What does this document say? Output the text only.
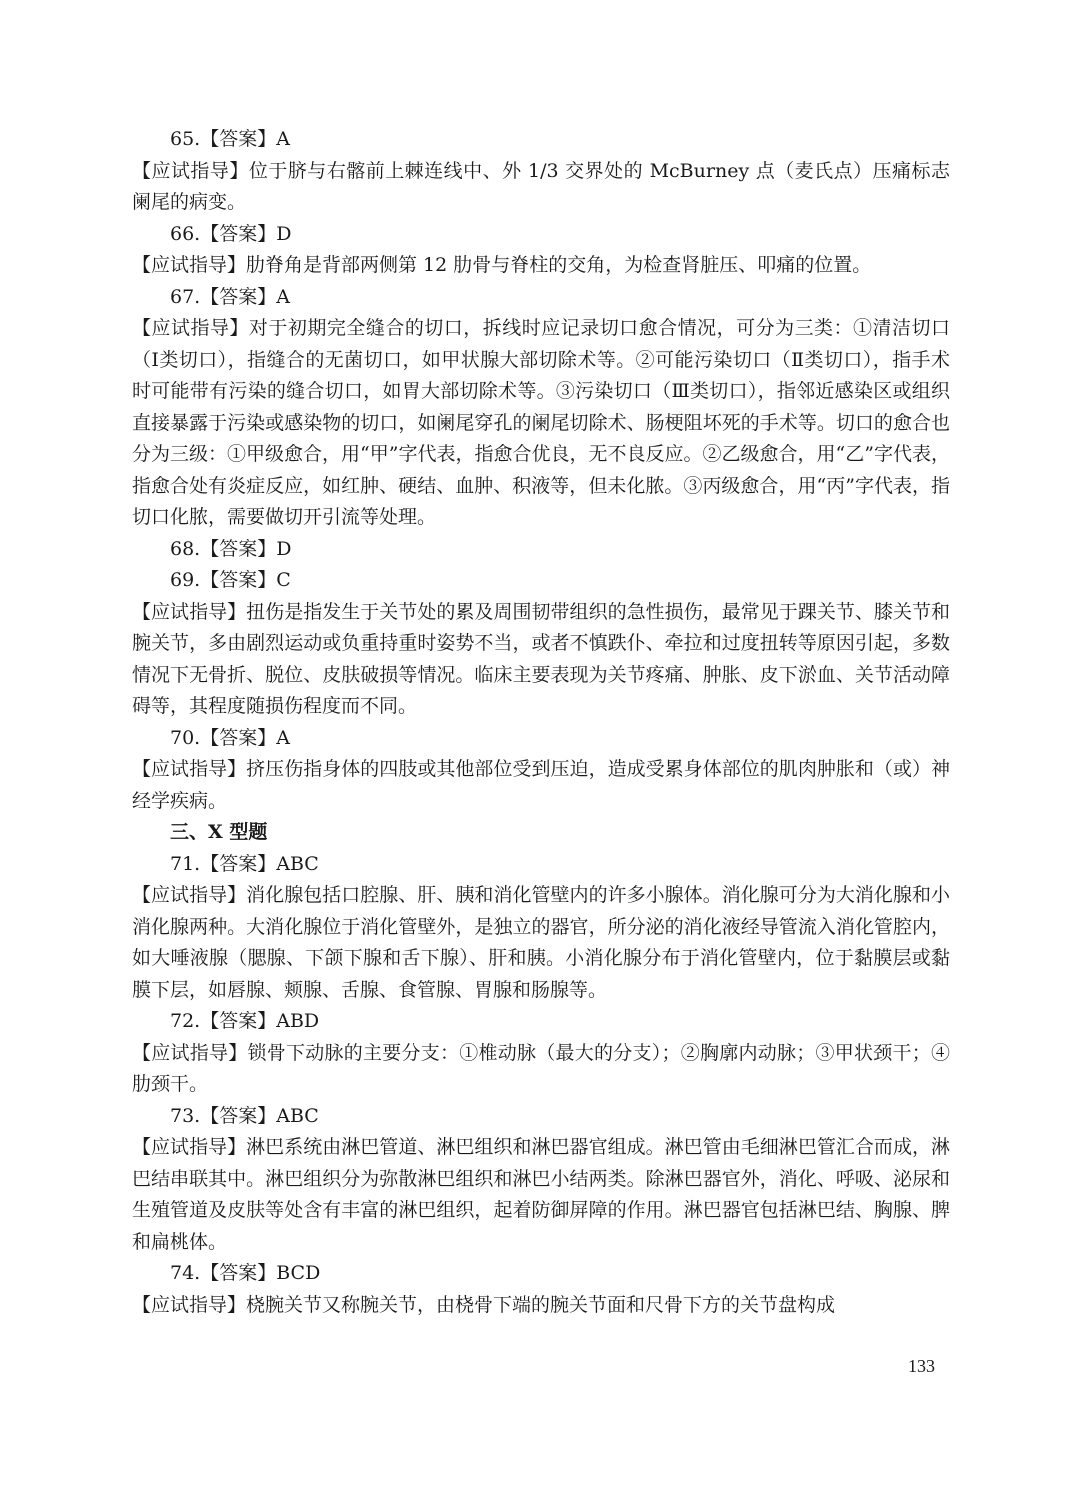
65.【答案】A

【应试指导】位于脐与右髂前上棘连线中、外 1/3 交界处的 McBurney 点（麦氏点）压痛标志阑尾的病变。

66.【答案】D

【应试指导】肋脊角是背部两侧第 12 肋骨与脊柱的交角，为检查肾脏压、叩痛的位置。

67.【答案】A

【应试指导】对于初期完全缝合的切口，拆线时应记录切口愈合情况，可分为三类：①清洁切口（Ⅰ类切口），指缝合的无菌切口，如甲状腺大部切除术等。②可能污染切口（Ⅱ类切口），指手术时可能带有污染的缝合切口，如胃大部切除术等。③污染切口（Ⅲ类切口），指邻近感染区或组织直接暴露于污染或感染物的切口，如阑尾穿孔的阑尾切除术、肠梗阻坏死的手术等。切口的愈合也分为三级：①甲级愈合，用“甲”字代表，指愈合优良，无不良反应。②乙级愈合，用“乙”字代表，指愈合处有炎症反应，如红肿、硬结、血肿、积液等，但未化脓。③丙级愈合，用“丙”字代表，指切口化脓，需要做切开引流等处理。

68.【答案】D

69.【答案】C

【应试指导】扭伤是指发生于关节处的累及周围韧带组织的急性损伤，最常见于踝关节、膝关节和腕关节，多由剧烈运动或负重持重时姿势不当，或者不慎跌仆、牵拉和过度扭转等原因引起，多数情况下无骨折、脱位、皮肤破损等情况。临床主要表现为关节疼痛、肿胀、皮下淤血、关节活动障碍等，其程度随损伤程度而不同。

70.【答案】A

【应试指导】挤压伤指身体的四肢或其他部位受到压迫，造成受累身体部位的肌肉肿胀和（或）神经学疾病。

三、X 型题

71.【答案】ABC

【应试指导】消化腺包括口腔腺、肝、胰和消化管壁内的许多小腺体。消化腺可分为大消化腺和小消化腺两种。大消化腺位于消化管壁外，是独立的器官，所分泌的消化液经导管流入消化管腔内，如大唾液腺（腮腺、下颌下腺和舌下腺）、肝和胰。小消化腺分布于消化管壁内，位于黏膜层或黏膜下层，如唇腺、颊腺、舌腺、食管腺、胃腺和肠腺等。

72.【答案】ABD

【应试指导】锁骨下动脉的主要分支：①椎动脉（最大的分支）；②胸廓内动脉；③甲状颈干；④肋颈干。

73.【答案】ABC

【应试指导】淋巴系统由淋巴管道、淋巴组织和淋巴器官组成。淋巴管由毛细淋巴管汇合而成，淋巴结串联其中。淋巴组织分为弥散淋巴组织和淋巴小结两类。除淋巴器官外，消化、呼吸、泌尿和生殖管道及皮肤等处含有丰富的淋巴组织，起着防御屏障的作用。淋巴器官包括淋巴结、胸腺、脾和扁桃体。

74.【答案】BCD

【应试指导】桡腕关节又称腕关节，由桡骨下端的腕关节面和尺骨下方的关节盘构成

133
